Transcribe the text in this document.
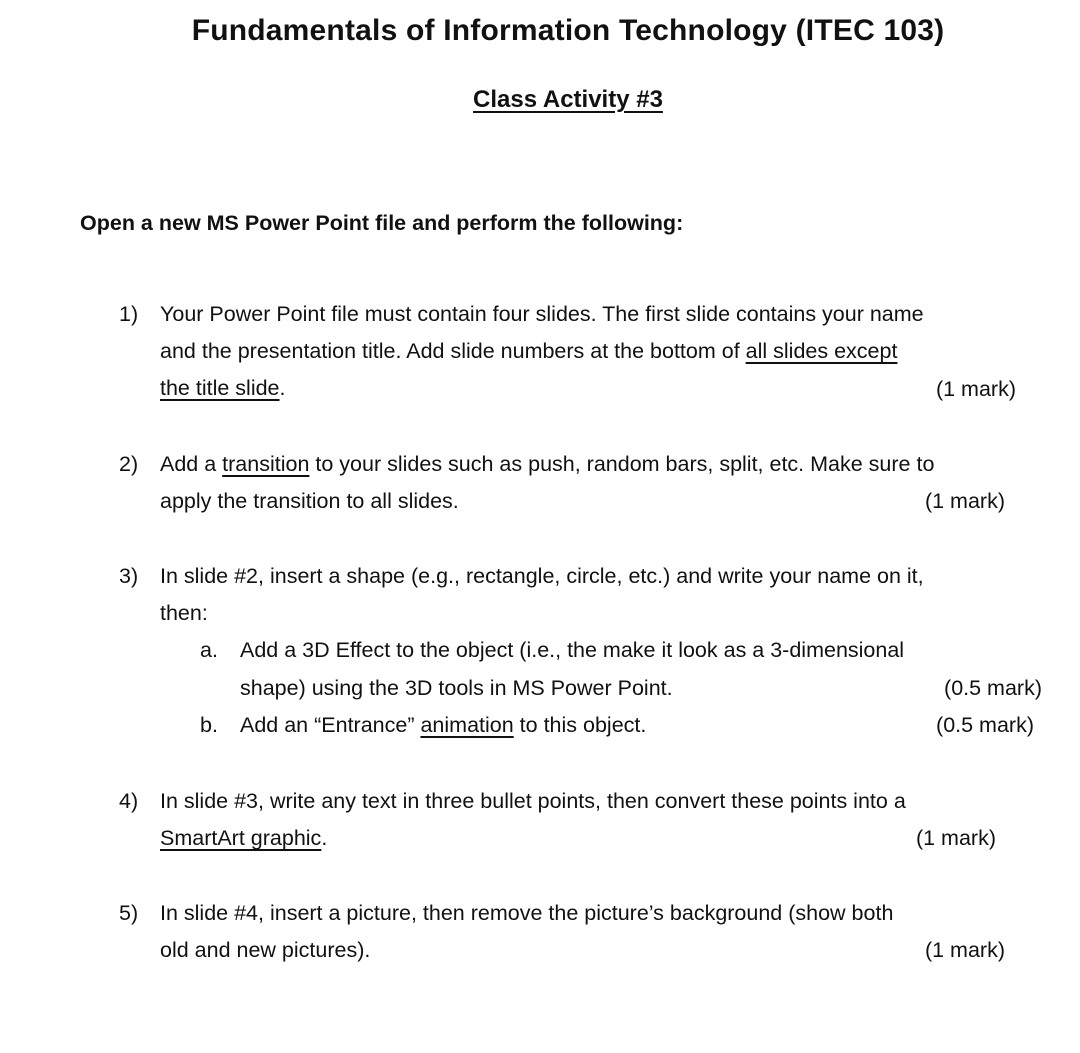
Fundamentals of Information Technology (ITEC 103)
Class Activity #3
Open a new MS Power Point file and perform the following:
1) Your Power Point file must contain four slides. The first slide contains your name
and the presentation title. Add slide numbers at the bottom of all slides except
the title slide.	(1 mark)
2) Add a transition to your slides such as push, random bars, split, etc. Make sure to
apply the transition to all slides.	(1 mark)
3) In slide #2, insert a shape (e.g., rectangle, circle, etc.) and write your name on it,
then:
a. Add a 3D Effect to the object (i.e., the make it look as a 3-dimensional
shape) using the 3D tools in MS Power Point.	(0.5 mark)
b. Add an “Entrance” animation to this object.	(0.5 mark)
4) In slide #3, write any text in three bullet points, then convert these points into a
SmartArt graphic.	(1 mark)
5) In slide #4, insert a picture, then remove the picture’s background (show both
old and new pictures).	(1 mark)
